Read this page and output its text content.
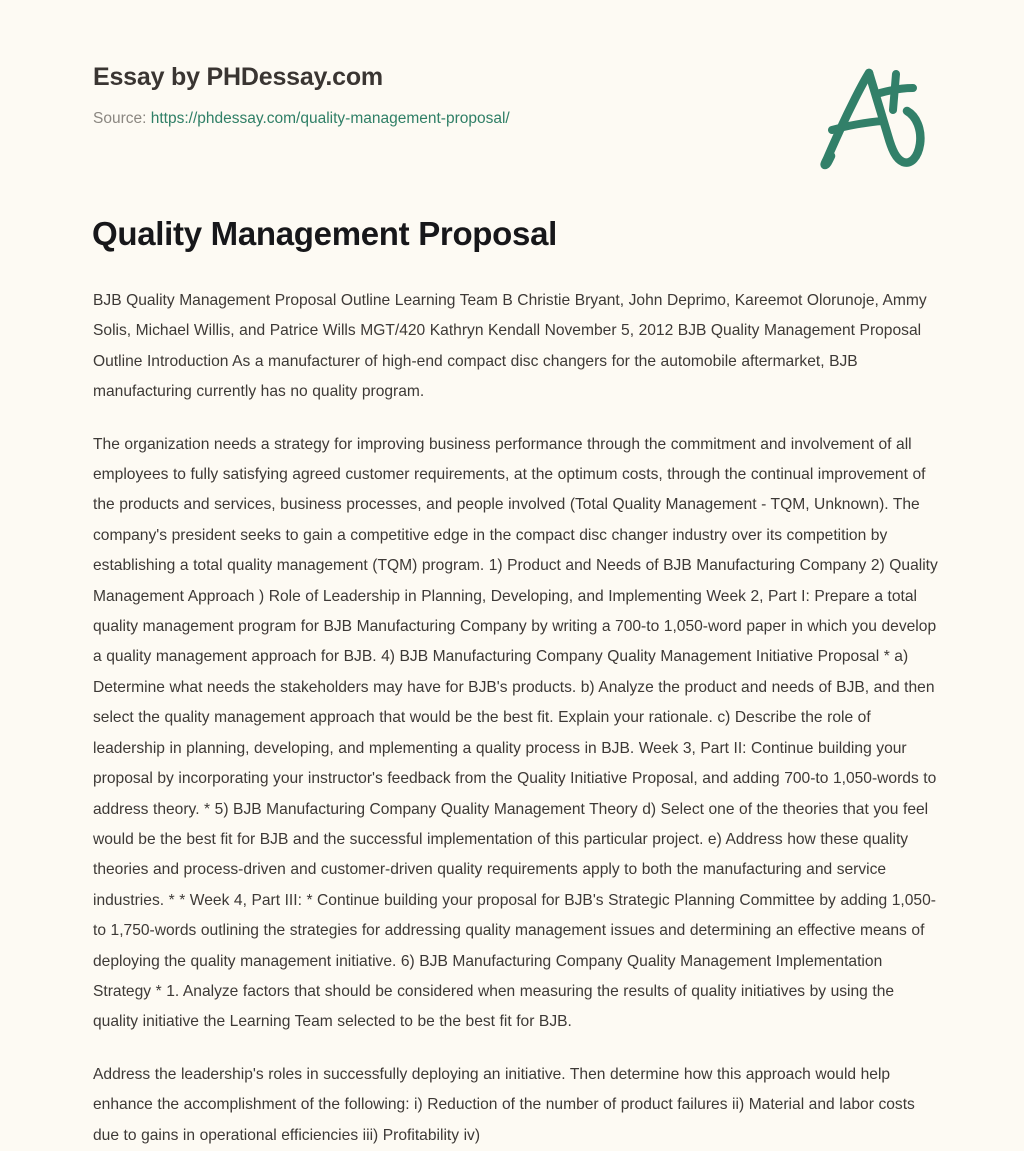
Essay by PHDessay.com
Source: https://phdessay.com/quality-management-proposal/
Quality Management Proposal

BJB Quality Management Proposal Outline Learning Team B Christie Bryant, John Deprimo, Kareemot Olorunoje, Ammy Solis, Michael Willis, and Patrice Wills MGT/420 Kathryn Kendall November 5, 2012 BJB Quality Management Proposal Outline Introduction As a manufacturer of high-end compact disc changers for the automobile aftermarket, BJB manufacturing currently has no quality program.

The organization needs a strategy for improving business performance through the commitment and involvement of all employees to fully satisfying agreed customer requirements, at the optimum costs, through the continual improvement of the products and services, business processes, and people involved (Total Quality Management - TQM, Unknown). The company's president seeks to gain a competitive edge in the compact disc changer industry over its competition by establishing a total quality management (TQM) program. 1) Product and Needs of BJB Manufacturing Company 2) Quality Management Approach ) Role of Leadership in Planning, Developing, and Implementing Week 2, Part I: Prepare a total quality management program for BJB Manufacturing Company by writing a 700-to 1,050-word paper in which you develop a quality management approach for BJB. 4) BJB Manufacturing Company Quality Management Initiative Proposal * a) Determine what needs the stakeholders may have for BJB's products. b) Analyze the product and needs of BJB, and then select the quality management approach that would be the best fit. Explain your rationale. c) Describe the role of leadership in planning, developing, and mplementing a quality process in BJB. Week 3, Part II: Continue building your proposal by incorporating your instructor's feedback from the Quality Initiative Proposal, and adding 700-to 1,050-words to address theory. * 5) BJB Manufacturing Company Quality Management Theory d) Select one of the theories that you feel would be the best fit for BJB and the successful implementation of this particular project. e) Address how these quality theories and process-driven and customer-driven quality requirements apply to both the manufacturing and service industries. * * Week 4, Part III: * Continue building your proposal for BJB's Strategic Planning Committee by adding 1,050-to 1,750-words outlining the strategies for addressing quality management issues and determining an effective means of deploying the quality management initiative. 6) BJB Manufacturing Company Quality Management Implementation Strategy * 1. Analyze factors that should be considered when measuring the results of quality initiatives by using the quality initiative the Learning Team selected to be the best fit for BJB.

Address the leadership's roles in successfully deploying an initiative. Then determine how this approach would help enhance the accomplishment of the following: i) Reduction of the number of product failures ii) Material and labor costs due to gains in operational efficiencies iii) Profitability iv)
